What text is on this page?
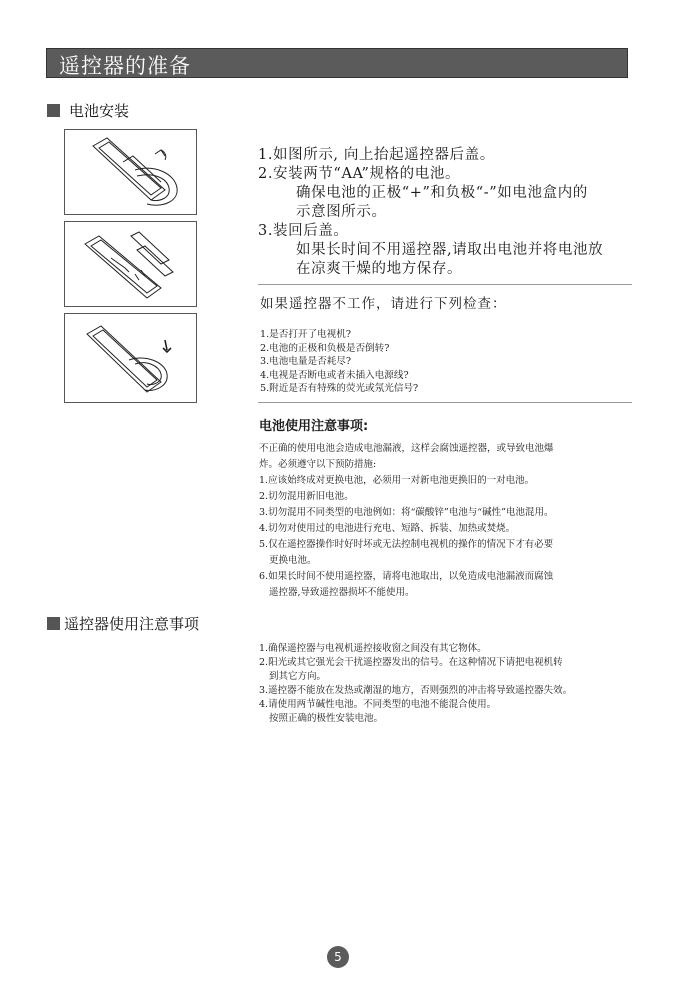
遥控器的准备
电池安装

1.如图所示, 向上抬起遥控器后盖。

2.安装两节“AA”规格的电池。

确保电池的正极“+”和负极“-”如电池盒内的

示意图所示。

3.装回后盖。

如果长时间不用遥控器,请取出电池并将电池放

在凉爽干燥的地方保存。

如果遥控器不工作，请进行下列检查：

1.是否打开了电视机?

2.电池的正极和负极是否倒转?

3.电池电量是否耗尽?

4.电视是否断电或者未插入电源线?

5.附近是否有特殊的荧光或氖光信号?

电池使用注意事项:

不正确的使用电池会造成电池漏液，这样会腐蚀遥控器，或导致电池爆

炸。必须遵守以下预防措施:

1.应该始终成对更换电池，必须用一对新电池更换旧的一对电池。

2.切勿混用新旧电池。

3.切勿混用不同类型的电池例如：将“碳酸锌”电池与“碱性”电池混用。

4.切勿对使用过的电池进行充电、短路、拆装、加热或焚烧。

5.仅在遥控器操作时好时坏或无法控制电视机的操作的情况下才有必要

更换电池。

6.如果长时间不使用遥控器，请将电池取出，以免造成电池漏液而腐蚀

遥控器,导致遥控器损坏不能使用。

遥控器使用注意事项

1.确保遥控器与电视机遥控接收窗之间没有其它物体。

2.阳光或其它强光会干扰遥控器发出的信号。在这种情况下请把电视机转

到其它方向。

3.遥控器不能放在发热或潮湿的地方，否则强烈的冲击将导致遥控器失效。

4.请使用两节碱性电池。不同类型的电池不能混合使用。

按照正确的极性安装电池。

5
